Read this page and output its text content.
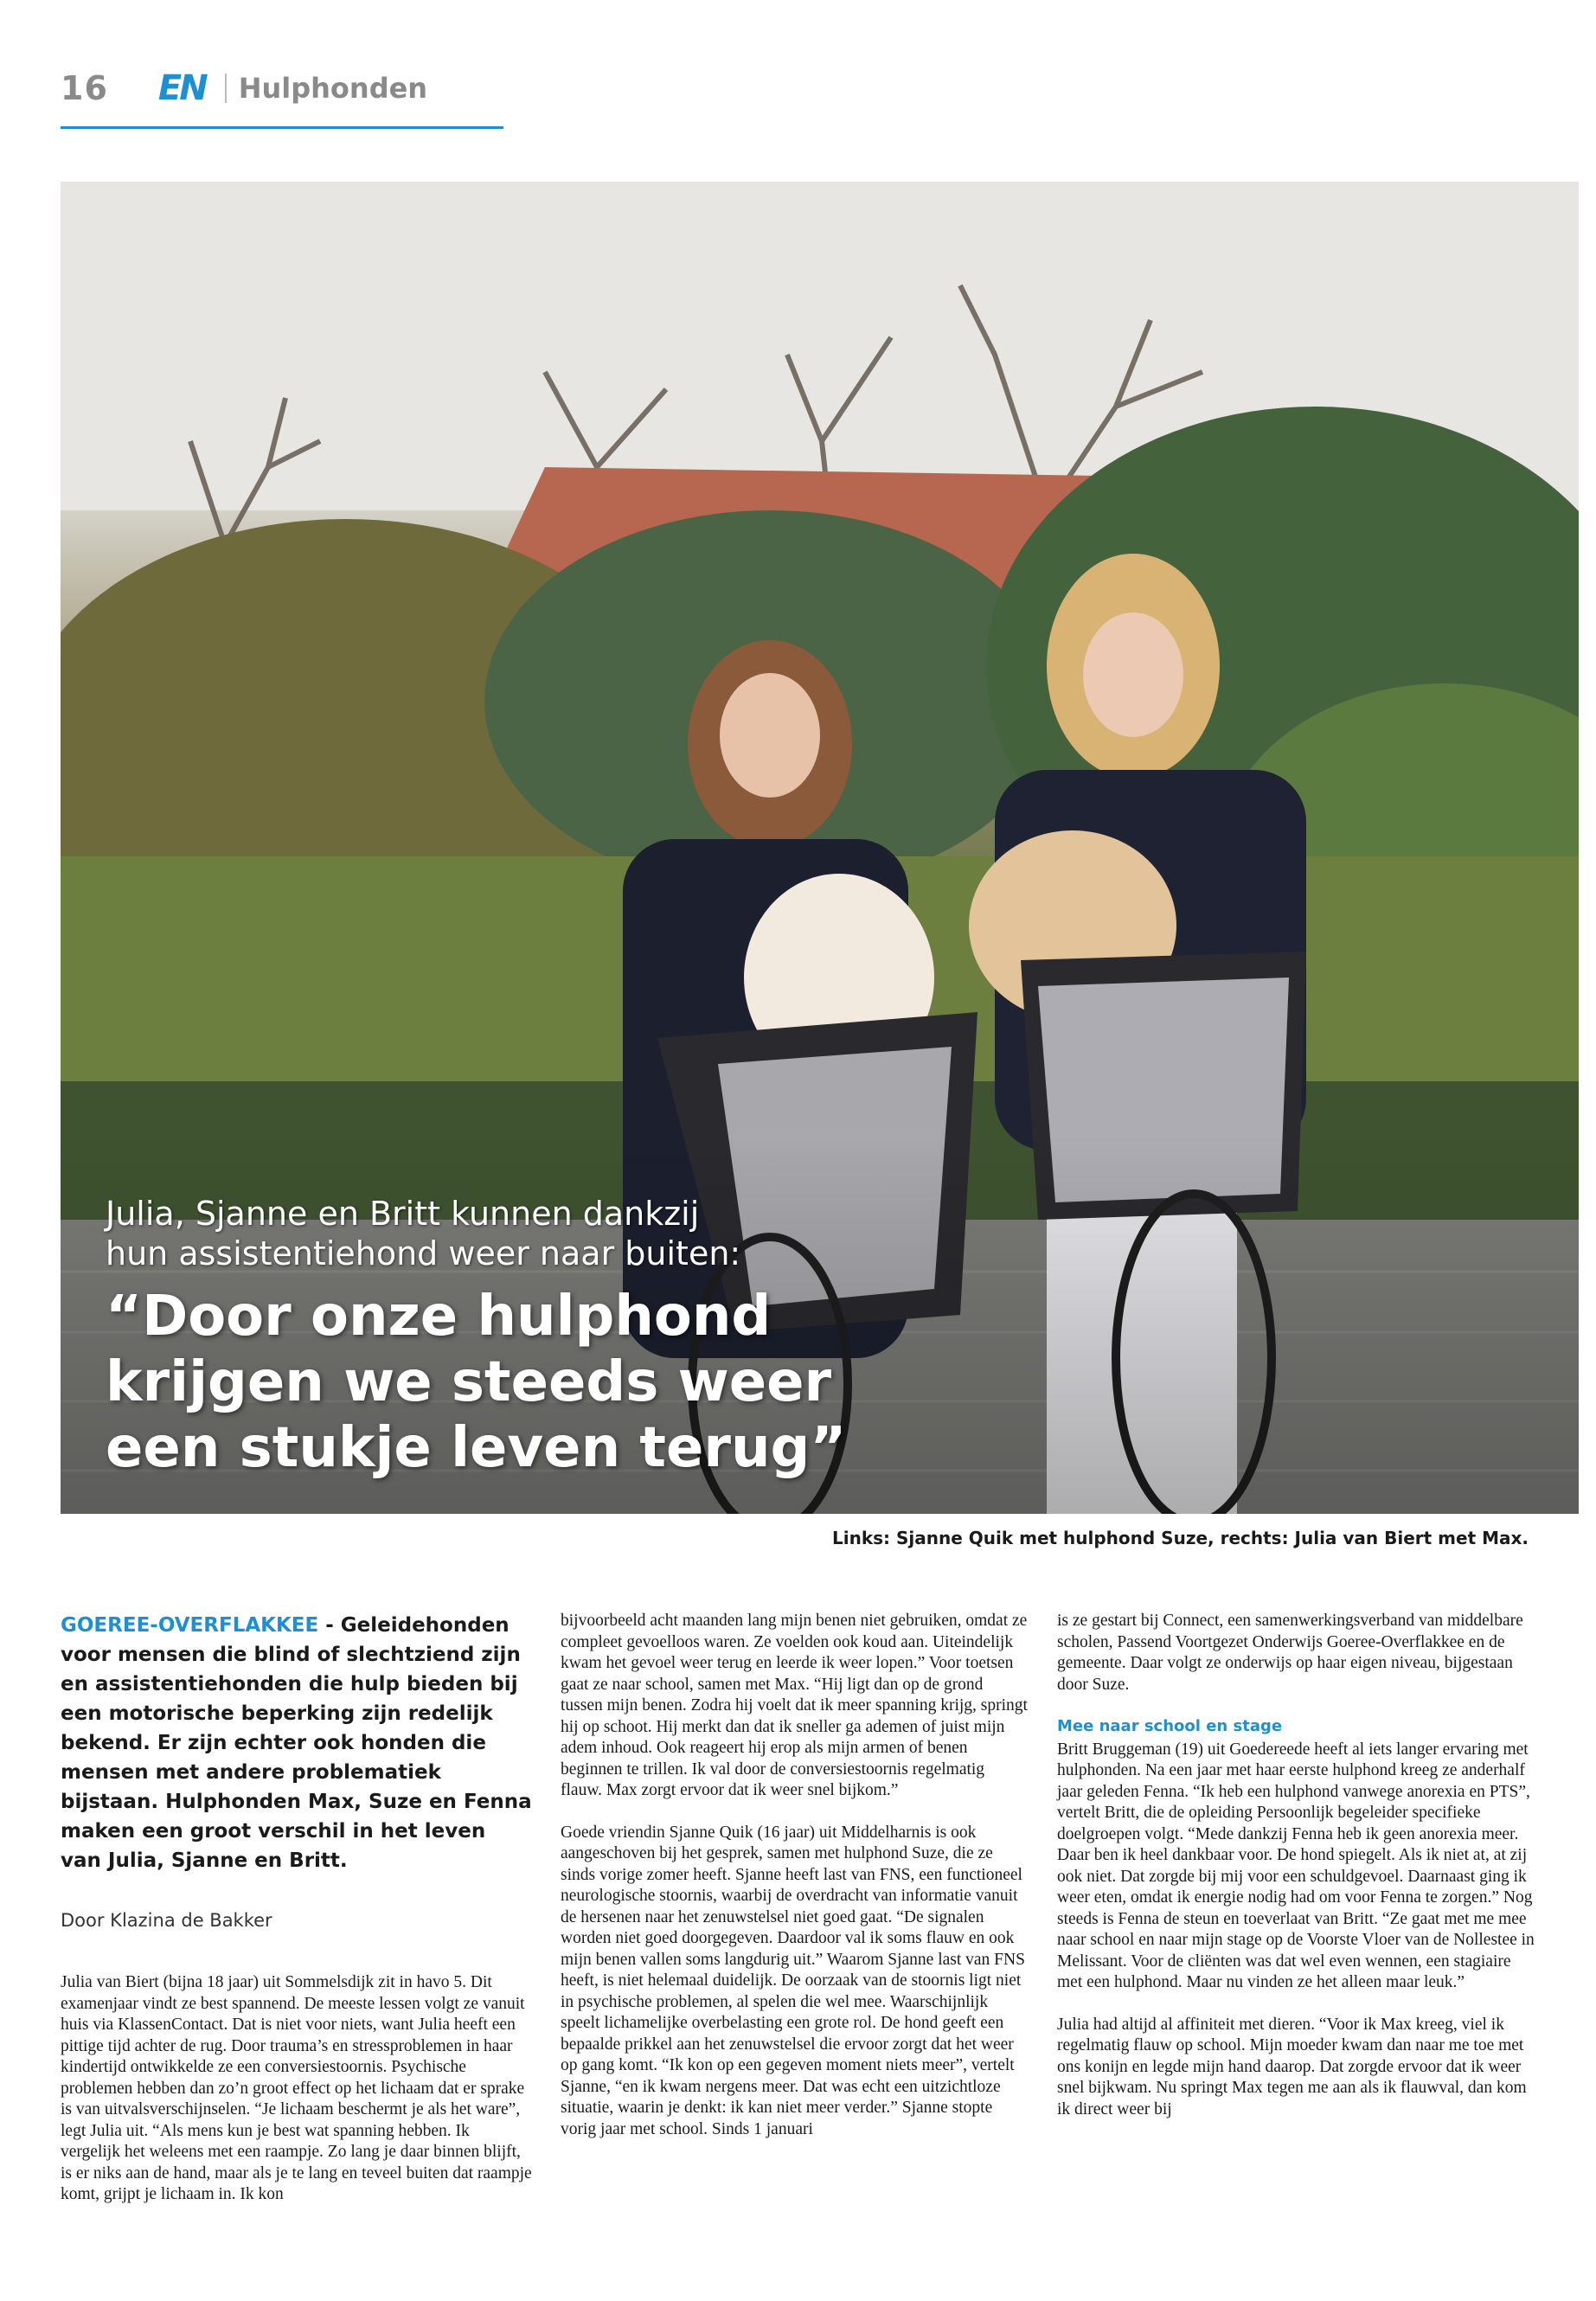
16 EN Hulphonden
Julia, Sjanne en Britt kunnen dankzij
hun assistentiehond weer naar buiten:
“Door onze hulphond
krijgen we steeds weer
een stukje leven terug”
Links: Sjanne Quik met hulphond Suze, rechts: Julia van Biert met Max.
GOEREE-OVERFLAKKEE - Geleidehonden voor mensen die blind of slechtziend zijn en assistentiehonden die hulp bieden bij een motorische beperking zijn redelijk bekend. Er zijn echter ook honden die mensen met andere problematiek bijstaan. Hulphonden Max, Suze en Fenna maken een groot verschil in het leven van Julia, Sjanne en Britt.
Door Klazina de Bakker

Julia van Biert (bijna 18 jaar) uit Sommelsdijk zit in havo 5. Dit examenjaar vindt ze best spannend. De meeste lessen volgt ze vanuit huis via KlassenContact. Dat is niet voor niets, want Julia heeft een pittige tijd achter de rug. Door trauma’s en stressproblemen in haar kindertijd ontwikkelde ze een conversiestoornis. Psychische problemen hebben dan zo’n groot effect op het lichaam dat er sprake is van uitvalsverschijnselen. “Je lichaam beschermt je als het ware”, legt Julia uit. “Als mens kun je best wat spanning hebben. Ik vergelijk het weleens met een raampje. Zo lang je daar binnen blijft, is er niks aan de hand, maar als je te lang en teveel buiten dat raampje komt, grijpt je lichaam in. Ik kon

bijvoorbeeld acht maanden lang mijn benen niet gebruiken, omdat ze compleet gevoelloos waren. Ze voelden ook koud aan. Uiteindelijk kwam het gevoel weer terug en leerde ik weer lopen.” Voor toetsen gaat ze naar school, samen met Max. “Hij ligt dan op de grond tussen mijn benen. Zodra hij voelt dat ik meer spanning krijg, springt hij op schoot. Hij merkt dan dat ik sneller ga ademen of juist mijn adem inhoud. Ook reageert hij erop als mijn armen of benen beginnen te trillen. Ik val door de conversiestoornis regelmatig flauw. Max zorgt ervoor dat ik weer snel bijkom.”

Goede vriendin Sjanne Quik (16 jaar) uit Middelharnis is ook aangeschoven bij het gesprek, samen met hulphond Suze, die ze sinds vorige zomer heeft. Sjanne heeft last van FNS, een functioneel neurologische stoornis, waarbij de overdracht van informatie vanuit de hersenen naar het zenuwstelsel niet goed gaat. “De signalen worden niet goed doorgegeven. Daardoor val ik soms flauw en ook mijn benen vallen soms langdurig uit.” Waarom Sjanne last van FNS heeft, is niet helemaal duidelijk. De oorzaak van de stoornis ligt niet in psychische problemen, al spelen die wel mee. Waarschijnlijk speelt lichamelijke overbelasting een grote rol. De hond geeft een bepaalde prikkel aan het zenuwstelsel die ervoor zorgt dat het weer op gang komt. “Ik kon op een gegeven moment niets meer”, vertelt Sjanne, “en ik kwam nergens meer. Dat was echt een uitzichtloze situatie, waarin je denkt: ik kan niet meer verder.” Sjanne stopte vorig jaar met school. Sinds 1 januari

is ze gestart bij Connect, een samenwerkingsverband van middelbare scholen, Passend Voortgezet Onderwijs Goeree-Overflakkee en de gemeente. Daar volgt ze onderwijs op haar eigen niveau, bijgestaan door Suze.

Mee naar school en stage

Britt Bruggeman (19) uit Goedereede heeft al iets langer ervaring met hulphonden. Na een jaar met haar eerste hulphond kreeg ze anderhalf jaar geleden Fenna. “Ik heb een hulphond vanwege anorexia en PTS”, vertelt Britt, die de opleiding Persoonlijk begeleider specifieke doelgroepen volgt. “Mede dankzij Fenna heb ik geen anorexia meer. Daar ben ik heel dankbaar voor. De hond spiegelt. Als ik niet at, at zij ook niet. Dat zorgde bij mij voor een schuldgevoel. Daarnaast ging ik weer eten, omdat ik energie nodig had om voor Fenna te zorgen.” Nog steeds is Fenna de steun en toeverlaat van Britt. “Ze gaat met me mee naar school en naar mijn stage op de Voorste Vloer van de Nollestee in Melissant. Voor de cliënten was dat wel even wennen, een stagiaire met een hulphond. Maar nu vinden ze het alleen maar leuk.”

Julia had altijd al affiniteit met dieren. “Voor ik Max kreeg, viel ik regelmatig flauw op school. Mijn moeder kwam dan naar me toe met ons konijn en legde mijn hand daarop. Dat zorgde ervoor dat ik weer snel bijkwam. Nu springt Max tegen me aan als ik flauwval, dan kom ik direct weer bij
